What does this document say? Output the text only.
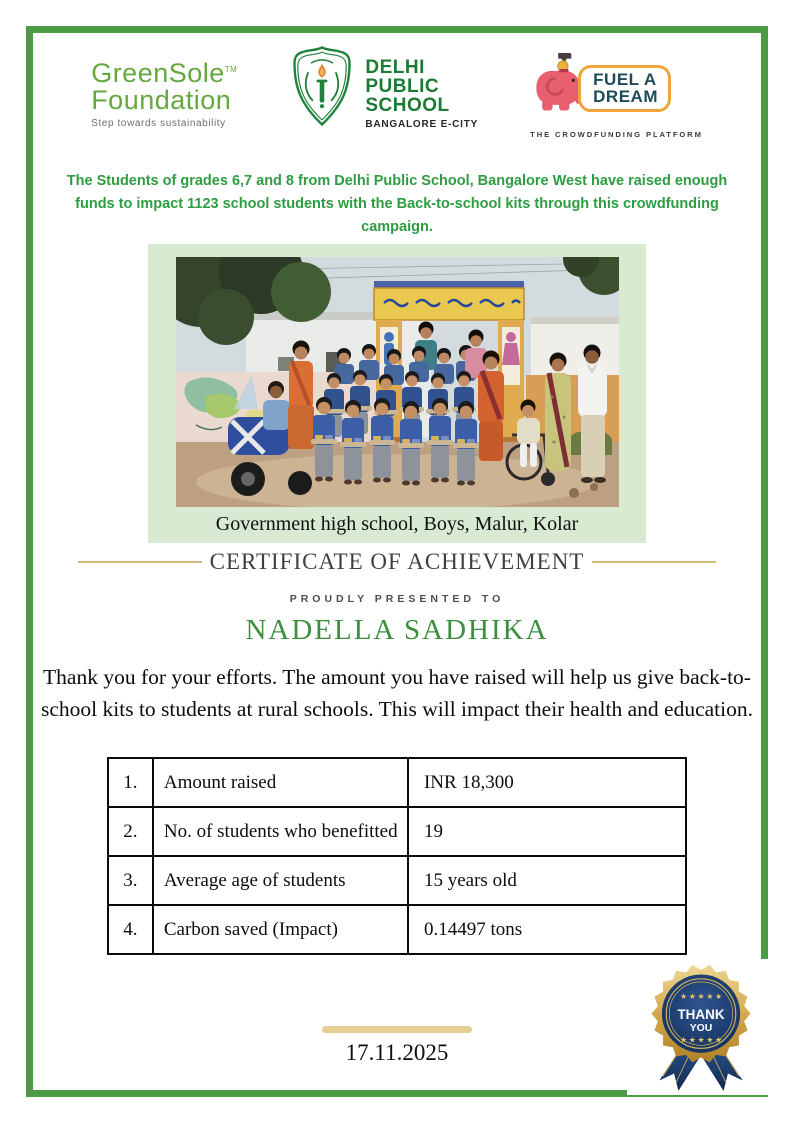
GreenSole™
Foundation
Step towards sustainability
DELHI
PUBLIC
SCHOOL
BANGALORE E-CITY
FUEL A
DREAM
THE CROWDFUNDING PLATFORM

The Students of grades 6,7 and 8 from Delhi Public School, Bangalore West have raised enough funds to impact 1123 school students with the Back-to-school kits through this crowdfunding campaign.

Government high school, Boys, Malur, Kolar
CERTIFICATE OF ACHIEVEMENT
PROUDLY PRESENTED TO
NADELLA SADHIKA

Thank you for your efforts. The amount you have raised will help us give back-to-school kits to students at rural schools. This will impact their health and education.

1.	Amount raised	INR 18,300
2.	No. of students who benefitted	19
3.	Average age of students	15 years old
4.	Carbon saved (Impact)	0.14497 tons
17.11.2025
★★★★★
THANK
YOU
★★★★★
